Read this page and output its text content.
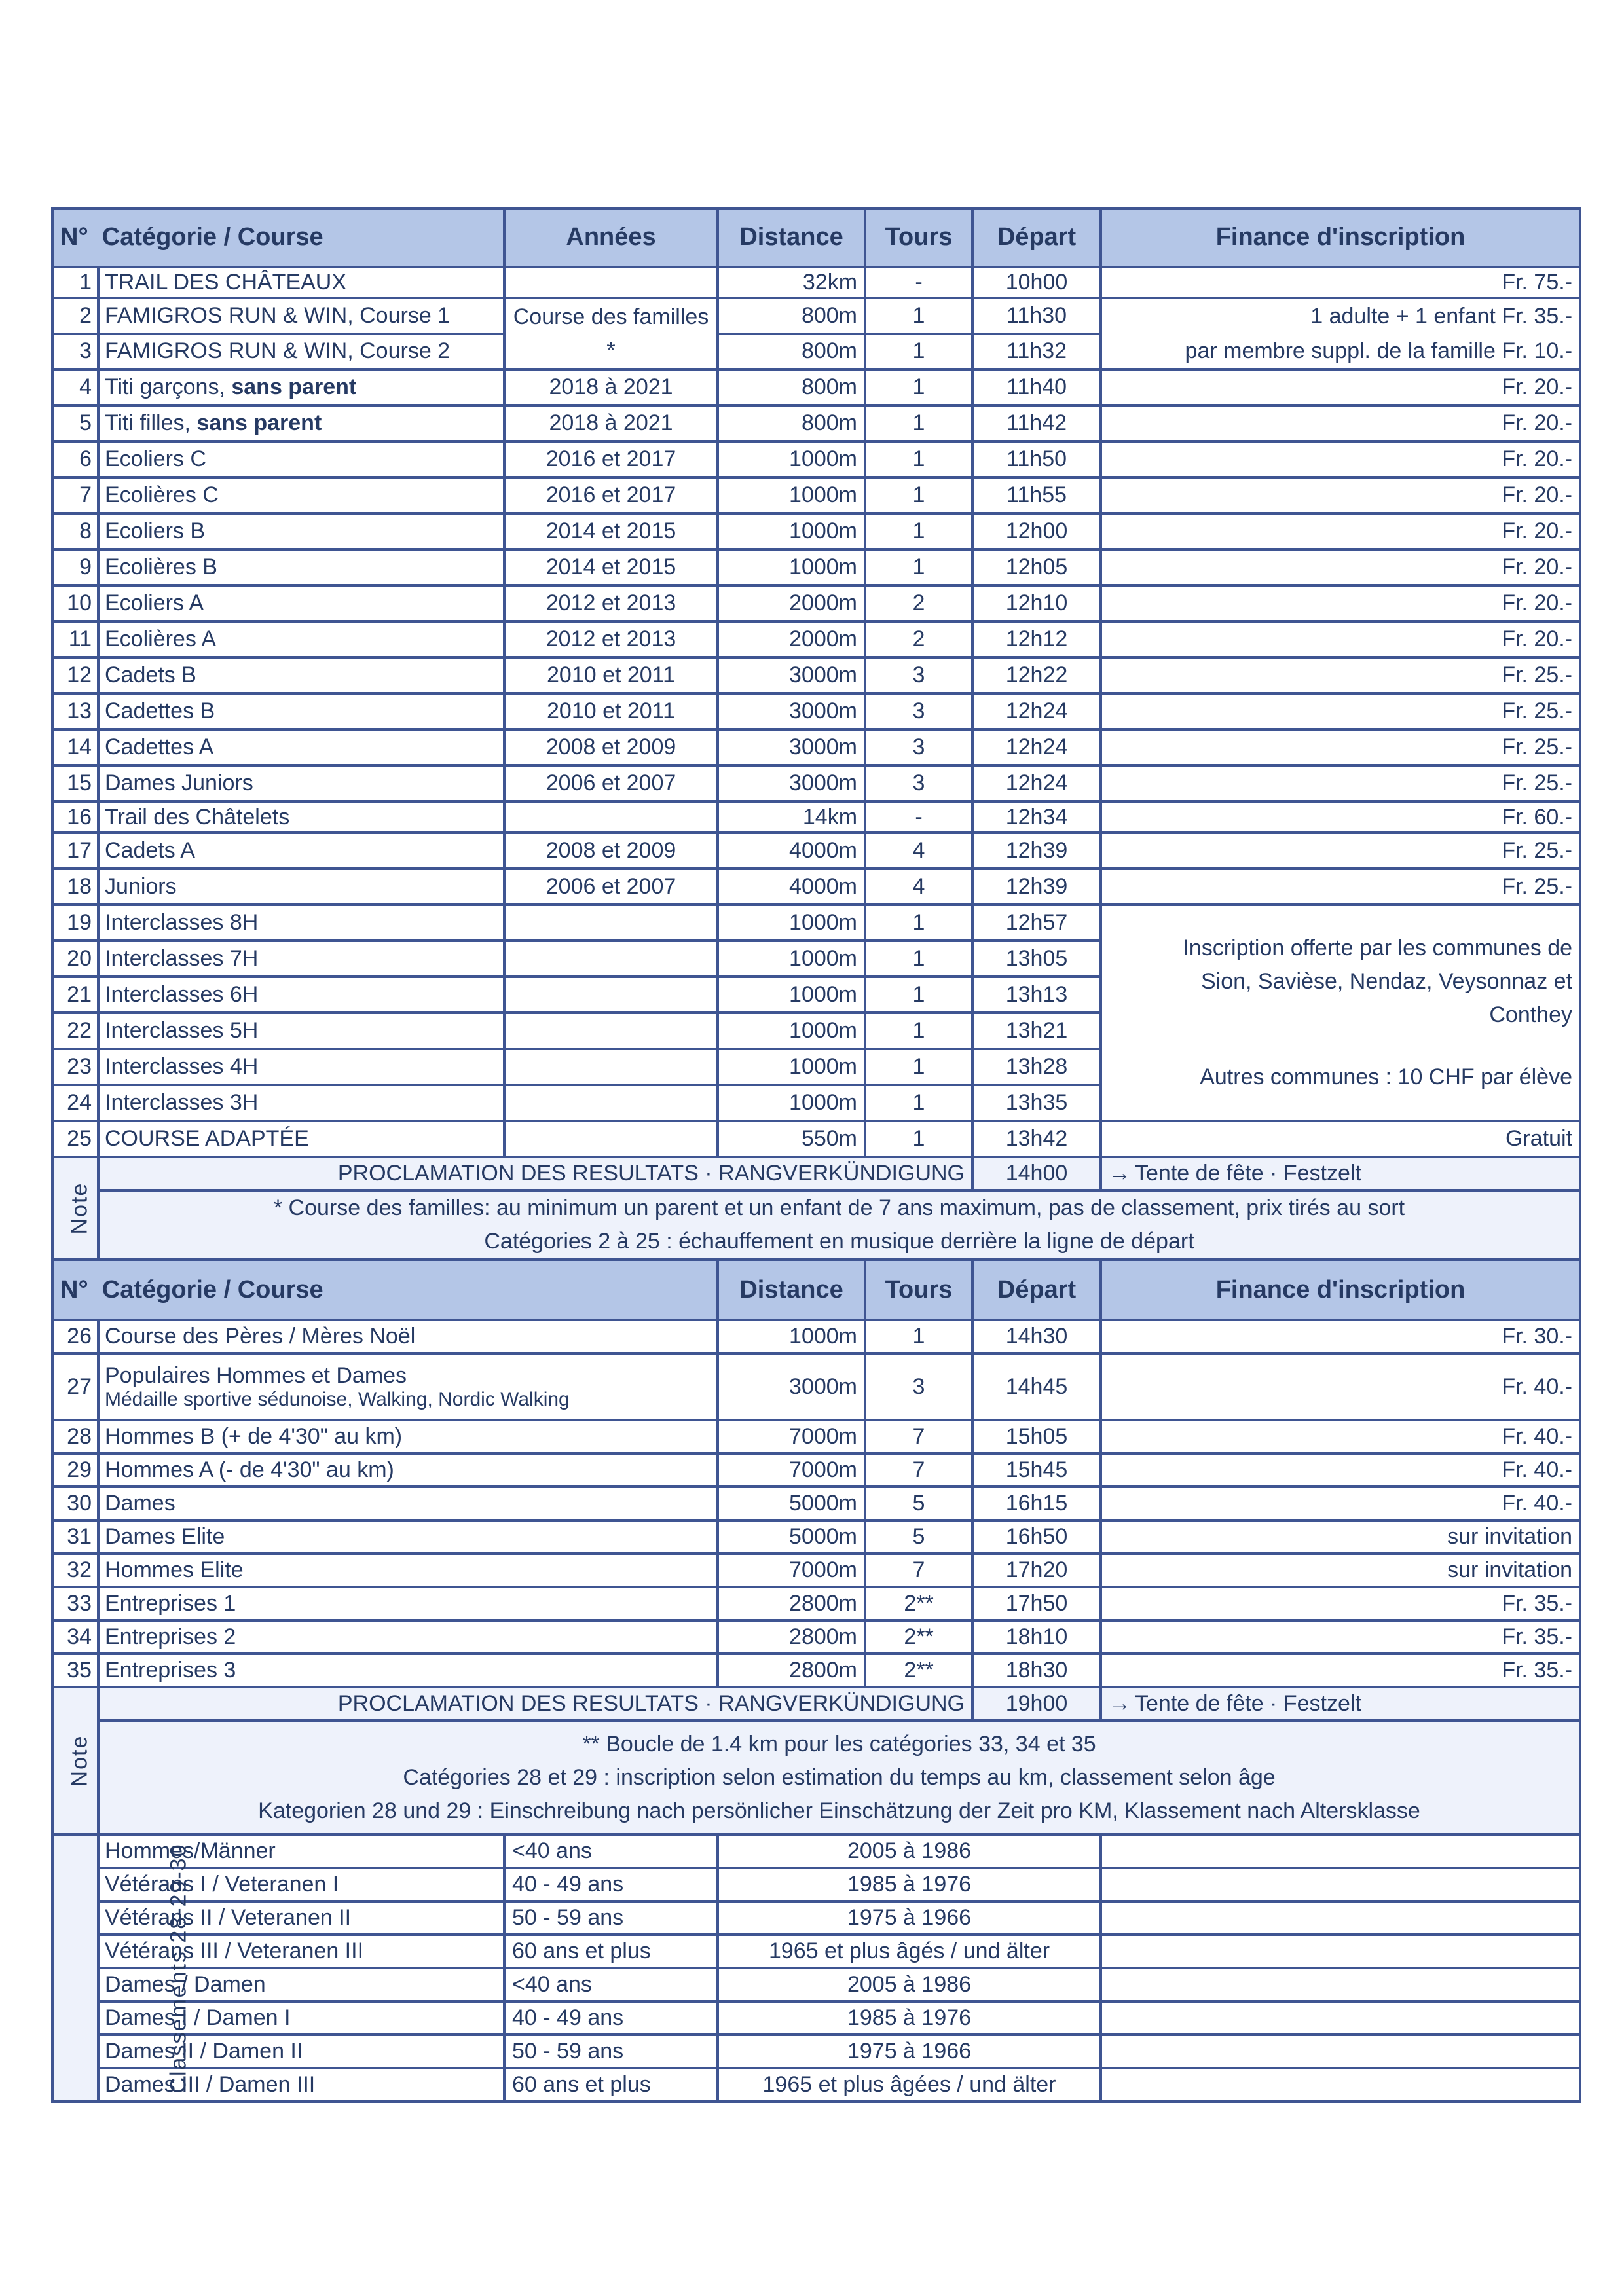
N° Catégorie / Course		Années	Distance	Tours	Départ	Finance d'inscription
1	TRAIL DES CHÂTEAUX		32km	-	10h00	Fr. 75.-
2	FAMIGROS RUN & WIN, Course 1	Course des familles *	800m	1	11h30	1 adulte + 1 enfant Fr. 35.-
par membre suppl. de la famille Fr. 10.-

3	FAMIGROS RUN & WIN, Course 2		800m	1	11h32	
4	Titi garçons, sans parent	2018 à 2021	800m	1	11h40	Fr. 20.-
5	Titi filles, sans parent	2018 à 2021	800m	1	11h42	Fr. 20.-
6	Ecoliers C	2016 et 2017	1000m	1	11h50	Fr. 20.-
7	Ecolières C	2016 et 2017	1000m	1	11h55	Fr. 20.-
8	Ecoliers B	2014 et 2015	1000m	1	12h00	Fr. 20.-
9	Ecolières B	2014 et 2015	1000m	1	12h05	Fr. 20.-
10	Ecoliers A	2012 et 2013	2000m	2	12h10	Fr. 20.-
11	Ecolières A	2012 et 2013	2000m	2	12h12	Fr. 20.-
12	Cadets B	2010 et 2011	3000m	3	12h22	Fr. 25.-
13	Cadettes B	2010 et 2011	3000m	3	12h24	Fr. 25.-
14	Cadettes A	2008 et 2009	3000m	3	12h24	Fr. 25.-
15	Dames Juniors	2006 et 2007	3000m	3	12h24	Fr. 25.-
16	Trail des Châtelets		14km	-	12h34	Fr. 60.-
17	Cadets A	2008 et 2009	4000m	4	12h39	Fr. 25.-
18	Juniors	2006 et 2007	4000m	4	12h39	Fr. 25.-
19	Interclasses 8H		1000m	1	12h57	Inscription offerte par les communes de Sion, Savièse, Nendaz, Veysonnaz et Conthey
Autres communes : 10 CHF par élève

20	Interclasses 7H		1000m	1	13h05	
21	Interclasses 6H		1000m	1	13h13	
22	Interclasses 5H		1000m	1	13h21	
23	Interclasses 4H		1000m	1	13h28	
24	Interclasses 3H		1000m	1	13h35	
25	COURSE ADAPTÉE		550m	1	13h42	Gratuit
Note	PROCLAMATION DES RESULTATS · RANGVERKÜNDIGUNG				14h00	→ Tente de fête · Festzelt

	* Course des familles: au minimum un parent et un enfant de 7 ans maximum, pas de classement, prix tirés au sort
Catégories 2 à 25 : échauffement en musique derrière la ligne de départ					

N° Catégorie / Course			Distance	Tours	Départ	Finance d'inscription
26	Course des Pères / Mères Noël		1000m	1	14h30	Fr. 30.-
27	Populaires Hommes et Dames
Médaille sportive sédunoise, Walking, Nordic Walking		3000m	3	14h45	Fr. 40.-
28	Hommes B (+ de 4'30" au km)		7000m	7	15h05	Fr. 40.-
29	Hommes A (- de 4'30" au km)		7000m	7	15h45	Fr. 40.-
30	Dames		5000m	5	16h15	Fr. 40.-
31	Dames Elite		5000m	5	16h50	sur invitation
32	Hommes Elite		7000m	7	17h20	sur invitation
33	Entreprises 1		2800m	2**	17h50	Fr. 35.-
34	Entreprises 2		2800m	2**	18h10	Fr. 35.-
35	Entreprises 3		2800m	2**	18h30	Fr. 35.-
Note	PROCLAMATION DES RESULTATS · RANGVERKÜNDIGUNG				19h00	→ Tente de fête · Festzelt

	** Boucle de 1.4 km pour les catégories 33, 34 et 35
Catégories 28 et 29 : inscription selon estimation du temps au km, classement selon âge
Kategorien 28 und 29 : Einschreibung nach persönlicher Einschätzung der Zeit pro KM, Klassement nach Altersklasse					

Classements 28-29-30	Hommes/Männer	<40 ans	2005 à 1986			
	Vétérans I / Veteranen I	40 - 49 ans	1985 à 1976			
	Vétérans II / Veteranen II	50 - 59 ans	1975 à 1966			
	Vétérans III / Veteranen III	60 ans et plus	1965 et plus âgés / und älter			
	Dames / Damen	<40 ans	2005 à 1986			
	Dames I / Damen I	40 - 49 ans	1985 à 1976			
	Dames II / Damen II	50 - 59 ans	1975 à 1966			
	Dames III / Damen III	60 ans et plus	1965 et plus âgées / und älter			
